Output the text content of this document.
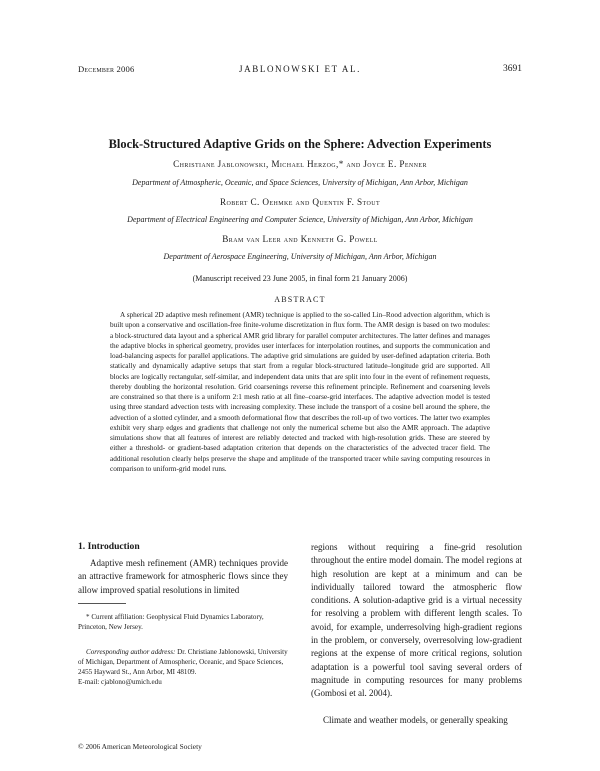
December 2006	JABLONOWSKI ET AL.	3691
Block-Structured Adaptive Grids on the Sphere: Advection Experiments
Christiane Jablonowski, Michael Herzog,* and Joyce E. Penner
Department of Atmospheric, Oceanic, and Space Sciences, University of Michigan, Ann Arbor, Michigan
Robert C. Oehmke and Quentin F. Stout
Department of Electrical Engineering and Computer Science, University of Michigan, Ann Arbor, Michigan
Bram van Leer and Kenneth G. Powell
Department of Aerospace Engineering, University of Michigan, Ann Arbor, Michigan
(Manuscript received 23 June 2005, in final form 21 January 2006)
ABSTRACT

A spherical 2D adaptive mesh refinement (AMR) technique is applied to the so-called Lin–Rood advection algorithm, which is built upon a conservative and oscillation-free finite-volume discretization in flux form. The AMR design is based on two modules: a block-structured data layout and a spherical AMR grid library for parallel computer architectures. The latter defines and manages the adaptive blocks in spherical geometry, provides user interfaces for interpolation routines, and supports the communication and load-balancing aspects for parallel applications. The adaptive grid simulations are guided by user-defined adaptation criteria. Both statically and dynamically adaptive setups that start from a regular block-structured latitude–longitude grid are supported. All blocks are logically rectangular, self-similar, and independent data units that are split into four in the event of refinement requests, thereby doubling the horizontal resolution. Grid coarsenings reverse this refinement principle. Refinement and coarsening levels are constrained so that there is a uniform 2:1 mesh ratio at all fine–coarse-grid interfaces. The adaptive advection model is tested using three standard advection tests with increasing complexity. These include the transport of a cosine bell around the sphere, the advection of a slotted cylinder, and a smooth deformational flow that describes the roll-up of two vortices. The latter two examples exhibit very sharp edges and gradients that challenge not only the numerical scheme but also the AMR approach. The adaptive simulations show that all features of interest are reliably detected and tracked with high-resolution grids. These are steered by either a threshold- or gradient-based adaptation criterion that depends on the characteristics of the advected tracer field. The additional resolution clearly helps preserve the shape and amplitude of the transported tracer while saving computing resources in comparison to uniform-grid model runs.

1. Introduction

Adaptive mesh refinement (AMR) techniques provide an attractive framework for atmospheric flows since they allow improved spatial resolutions in limited

* Current affiliation: Geophysical Fluid Dynamics Laboratory, Princeton, New Jersey.

Corresponding author address: Dr. Christiane Jablonowski, University of Michigan, Department of Atmospheric, Oceanic, and Space Sciences, 2455 Hayward St., Ann Arbor, MI 48109.
E-mail: cjablono@umich.edu

regions without requiring a fine-grid resolution throughout the entire model domain. The model regions at high resolution are kept at a minimum and can be individually tailored toward the atmospheric flow conditions. A solution-adaptive grid is a virtual necessity for resolving a problem with different length scales. To avoid, for example, underresolving high-gradient regions in the problem, or conversely, overresolving low-gradient regions at the expense of more critical regions, solution adaptation is a powerful tool saving several orders of magnitude in computing resources for many problems (Gombosi et al. 2004).

Climate and weather models, or generally speaking

© 2006 American Meteorological Society
